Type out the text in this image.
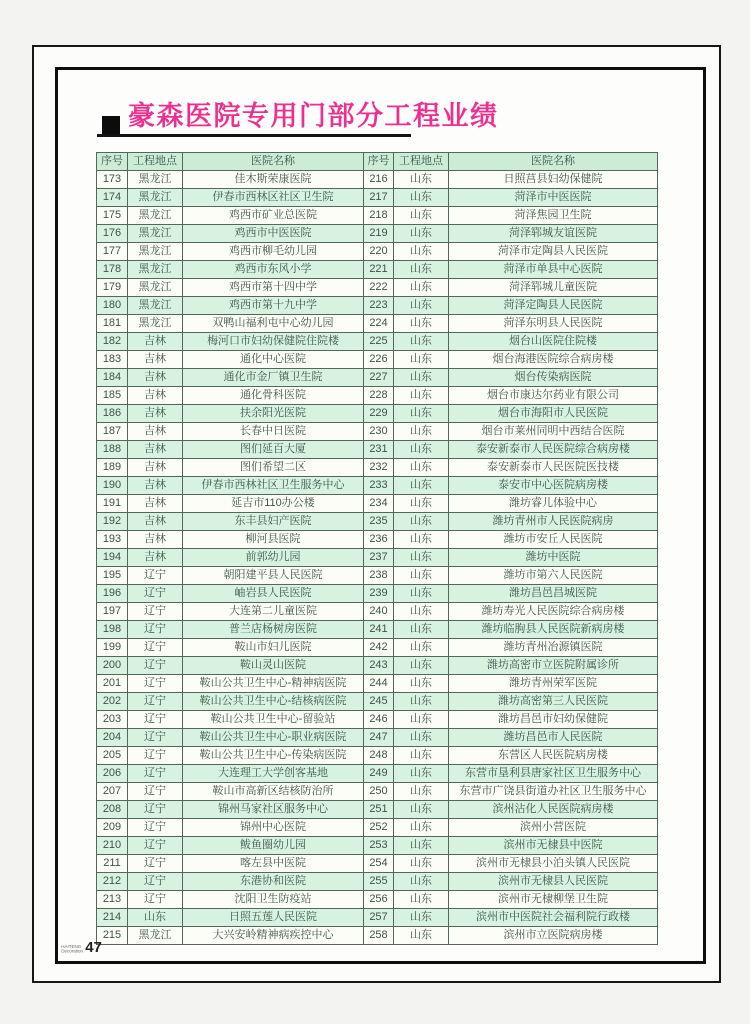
豪森医院专用门部分工程业绩
序号	工程地点	医院名称	序号	工程地点	医院名称
173	黑龙江	佳木斯荣康医院	216	山东	日照莒县妇幼保健院
174	黑龙江	伊春市西林区社区卫生院	217	山东	菏泽市中医医院
175	黑龙江	鸡西市矿业总医院	218	山东	菏泽焦园卫生院
176	黑龙江	鸡西市中医医院	219	山东	菏泽郓城友谊医院
177	黑龙江	鸡西市柳毛幼儿园	220	山东	菏泽市定陶县人民医院
178	黑龙江	鸡西市东风小学	221	山东	菏泽市单县中心医院
179	黑龙江	鸡西市第十四中学	222	山东	菏泽郓城儿童医院
180	黑龙江	鸡西市第十九中学	223	山东	菏泽定陶县人民医院
181	黑龙江	双鸭山福利屯中心幼儿园	224	山东	菏泽东明县人民医院
182	吉林	梅河口市妇幼保健院住院楼	225	山东	烟台山医院住院楼
183	吉林	通化中心医院	226	山东	烟台海港医院综合病房楼
184	吉林	通化市金厂镇卫生院	227	山东	烟台传染病医院
185	吉林	通化骨科医院	228	山东	烟台市康达尔药业有限公司
186	吉林	扶余阳光医院	229	山东	烟台市海阳市人民医院
187	吉林	长春中日医院	230	山东	烟台市莱州同明中西结合医院
188	吉林	图们延百大厦	231	山东	泰安新泰市人民医院综合病房楼
189	吉林	图们希望二区	232	山东	泰安新泰市人民医院医技楼
190	吉林	伊春市西林社区卫生服务中心	233	山东	泰安市中心医院病房楼
191	吉林	延吉市110办公楼	234	山东	潍坊睿儿体验中心
192	吉林	东丰县妇产医院	235	山东	潍坊青州市人民医院病房
193	吉林	柳河县医院	236	山东	潍坊市安丘人民医院
194	吉林	前郭幼儿园	237	山东	潍坊中医院
195	辽宁	朝阳建平县人民医院	238	山东	潍坊市第六人民医院
196	辽宁	岫岩县人民医院	239	山东	潍坊昌邑昌城医院
197	辽宁	大连第二儿童医院	240	山东	潍坊寿光人民医院综合病房楼
198	辽宁	普兰店杨树房医院	241	山东	潍坊临朐县人民医院新病房楼
199	辽宁	鞍山市妇儿医院	242	山东	潍坊青州冶源镇医院
200	辽宁	鞍山灵山医院	243	山东	潍坊高密市立医院附属诊所
201	辽宁	鞍山公共卫生中心-精神病医院	244	山东	潍坊青州荣军医院
202	辽宁	鞍山公共卫生中心-结核病医院	245	山东	潍坊高密第三人民医院
203	辽宁	鞍山公共卫生中心-留验站	246	山东	潍坊昌邑市妇幼保健院
204	辽宁	鞍山公共卫生中心-职业病医院	247	山东	潍坊昌邑市人民医院
205	辽宁	鞍山公共卫生中心-传染病医院	248	山东	东营区人民医院病房楼
206	辽宁	大连理工大学创客基地	249	山东	东营市垦利县唐家社区卫生服务中心
207	辽宁	鞍山市高新区结核防治所	250	山东	东营市广饶县街道办社区卫生服务中心
208	辽宁	锦州马家社区服务中心	251	山东	滨州沾化人民医院病房楼
209	辽宁	锦州中心医院	252	山东	滨州小营医院
210	辽宁	鲅鱼圈幼儿园	253	山东	滨州市无棣县中医院
211	辽宁	喀左县中医院	254	山东	滨州市无棣县小泊头镇人民医院
212	辽宁	东港协和医院	255	山东	滨州市无棣县人民医院
213	辽宁	沈阳卫生防疫站	256	山东	滨州市无棣柳堡卫生院
214	山东	日照五莲人民医院	257	山东	滨州市中医院社会福利院行政楼
215	黑龙江	大兴安岭精神病疾控中心	258	山东	滨州市立医院病房楼
HAITENG
Decoration 47
